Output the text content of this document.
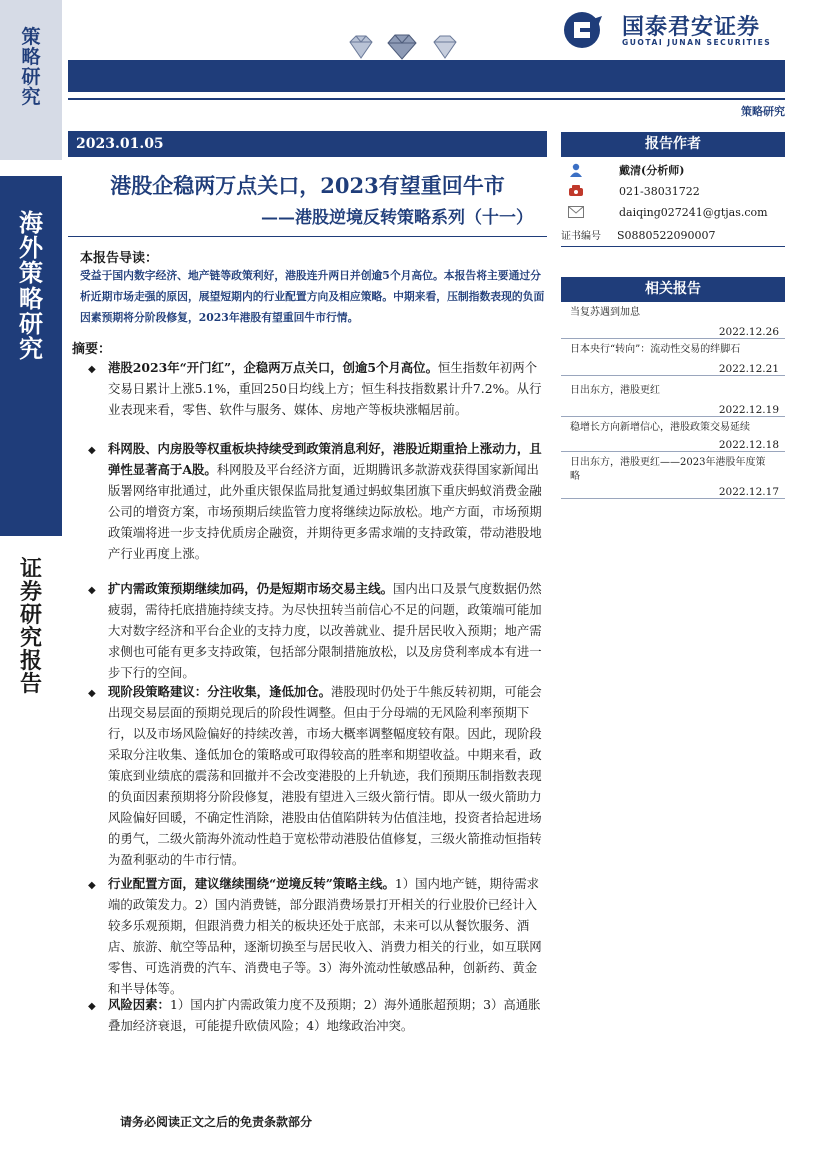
策
略
研
究
海
外
策
略
研
究
证
券
研
究
报
告
国泰君安证券
GUOTAI JUNAN SECURITIES
策略研究
2023.01.05
港股企稳两万点关口，2023有望重回牛市
——港股逆境反转策略系列（十一）
报告作者
戴清(分析师)
021-38031722
daiqing027241@gtjas.com
证书编号 S0880522090007
相关报告
当复苏遇到加息
2022.12.26
日本央行“转向”：流动性交易的绊脚石
2022.12.21
日出东方，港股更红
2022.12.19
稳增长方向新增信心，港股政策交易延续
2022.12.18
日出东方，港股更红——2023年港股年度策略
2022.12.17
本报告导读：
受益于国内数字经济、地产链等政策利好，港股连升两日并创逾5个月高位。本报告将主要通过分析近期市场走强的原因，展望短期内的行业配置方向及相应策略。中期来看，压制指数表现的负面因素预期将分阶段修复，2023年港股有望重回牛市行情。
摘要：
◆ 港股2023年“开门红”，企稳两万点关口，创逾5个月高位。恒生指数年初两个交易日累计上涨5.1%，重回250日均线上方；恒生科技指数累计升7.2%。从行业表现来看，零售、软件与服务、媒体、房地产等板块涨幅居前。
◆ 科网股、内房股等权重板块持续受到政策消息利好，港股近期重拾上涨动力，且弹性显著高于A股。科网股及平台经济方面，近期腾讯多款游戏获得国家新闻出版署网络审批通过，此外重庆银保监局批复通过蚂蚁集团旗下重庆蚂蚁消费金融公司的增资方案，市场预期后续监管力度将继续边际放松。地产方面，市场预期政策端将进一步支持优质房企融资，并期待更多需求端的支持政策，带动港股地产行业再度上涨。
◆ 扩内需政策预期继续加码，仍是短期市场交易主线。国内出口及景气度数据仍然疲弱，需待托底措施持续支持。为尽快扭转当前信心不足的问题，政策端可能加大对数字经济和平台企业的支持力度，以改善就业、提升居民收入预期；地产需求侧也可能有更多支持政策，包括部分限制措施放松，以及房贷利率成本有进一步下行的空间。
◆ 现阶段策略建议：分注收集，逢低加仓。港股现时仍处于牛熊反转初期，可能会出现交易层面的预期兑现后的阶段性调整。但由于分母端的无风险利率预期下行，以及市场风险偏好的持续改善，市场大概率调整幅度较有限。因此，现阶段采取分注收集、逢低加仓的策略或可取得较高的胜率和期望收益。中期来看，政策底到业绩底的震荡和回撤并不会改变港股的上升轨迹，我们预期压制指数表现的负面因素预期将分阶段修复，港股有望进入三级火箭行情。即从一级火箭助力风险偏好回暖，不确定性消除，港股由估值陷阱转为估值洼地，投资者拾起进场的勇气，二级火箭海外流动性趋于宽松带动港股估值修复，三级火箭推动恒指转为盈利驱动的牛市行情。
◆ 行业配置方面，建议继续围绕“逆境反转”策略主线。1）国内地产链，期待需求端的政策发力。2）国内消费链，部分跟消费场景打开相关的行业股价已经计入较多乐观预期，但跟消费力相关的板块还处于底部，未来可以从餐饮服务、酒店、旅游、航空等品种，逐渐切换至与居民收入、消费力相关的行业，如互联网零售、可选消费的汽车、消费电子等。3）海外流动性敏感品种，创新药、黄金和半导体等。
◆ 风险因素：1）国内扩内需政策力度不及预期；2）海外通胀超预期；3）高通胀叠加经济衰退，可能提升欧债风险；4）地缘政治冲突。
请务必阅读正文之后的免责条款部分
